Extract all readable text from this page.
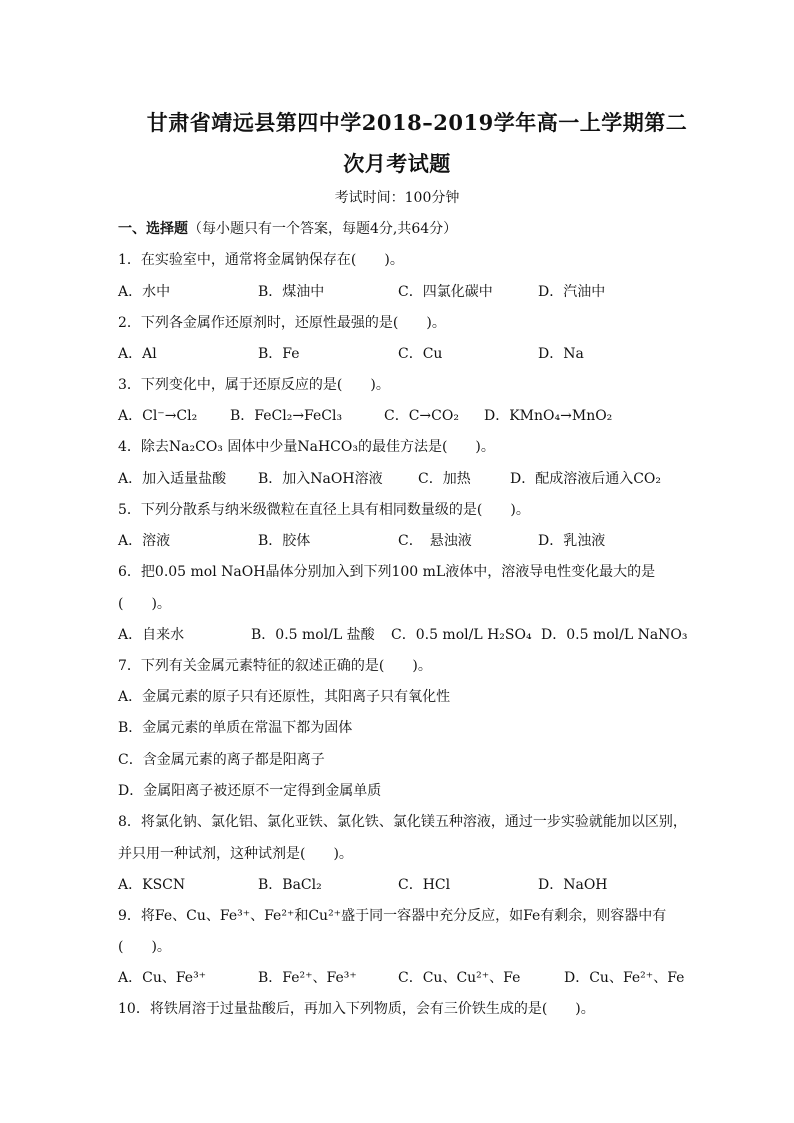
甘肃省靖远县第四中学2018–2019学年高一上学期第二
次月考试题
考试时间：100分钟
一、选择题（每小题只有一个答案，每题4分,共64分）
1．在实验室中，通常将金属钠保存在(　　)。
A．水中	B．煤油中	C．四氯化碳中	D．汽油中
2．下列各金属作还原剂时，还原性最强的是(　　)。
A．Al	B．Fe	C．Cu	D．Na
3．下列变化中，属于还原反应的是(　　)。
A．Cl⁻→Cl₂ B．FeCl₂→FeCl₃	C．C→CO₂ D．KMnO₄→MnO₂
4．除去Na₂CO₃ 固体中少量NaHCO₃的最佳方法是(　　)。
A．加入适量盐酸 B．加入NaOH溶液	C．加热	D．配成溶液后通入CO₂
5．下列分散系与纳米级微粒在直径上具有相同数量级的是(　　)。
A．溶液	B．胶体	C．　悬浊液	D．乳浊液
6．把0.05 mol NaOH晶体分别加入到下列100 mL液体中，溶液导电性变化最大的是
(　　)。
A．自来水	B．0.5 mol/L 盐酸 C．0.5 mol/L H₂SO₄ D．0.5 mol/L NaNO₃
7．下列有关金属元素特征的叙述正确的是(　　)。
A．金属元素的原子只有还原性，其阳离子只有氧化性
B．金属元素的单质在常温下都为固体
C．含金属元素的离子都是阳离子
D．金属阳离子被还原不一定得到金属单质
8．将氯化钠、氯化铝、氯化亚铁、氯化铁、氯化镁五种溶液，通过一步实验就能加以区别，
并只用一种试剂，这种试剂是(　　)。
A．KSCN	B．BaCl₂	C．HCl	D．NaOH
9．将Fe、Cu、Fe³⁺、Fe²⁺和Cu²⁺盛于同一容器中充分反应，如Fe有剩余，则容器中有
(　　)。
A．Cu、Fe³⁺	B．Fe²⁺、Fe³⁺	C．Cu、Cu²⁺、Fe	D．Cu、Fe²⁺、Fe
10．将铁屑溶于过量盐酸后，再加入下列物质，会有三价铁生成的是(　　)。
